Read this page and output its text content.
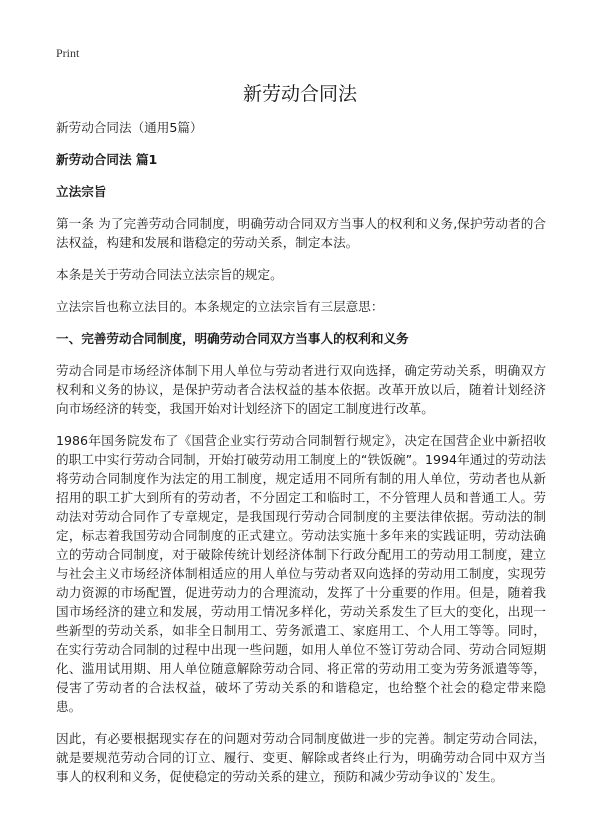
Print
新劳动合同法
新劳动合同法（通用5篇）
新劳动合同法 篇1
立法宗旨

第一条 为了完善劳动合同制度，明确劳动合同双方当事人的权利和义务,保护劳动者的合法权益，构建和发展和谐稳定的劳动关系，制定本法。

本条是关于劳动合同法立法宗旨的规定。

立法宗旨也称立法目的。本条规定的立法宗旨有三层意思：

一、完善劳动合同制度，明确劳动合同双方当事人的权利和义务

劳动合同是市场经济体制下用人单位与劳动者进行双向选择，确定劳动关系，明确双方权利和义务的协议，是保护劳动者合法权益的基本依据。改革开放以后，随着计划经济向市场经济的转变，我国开始对计划经济下的固定工制度进行改革。

1986年国务院发布了《国营企业实行劳动合同制暂行规定》，决定在国营企业中新招收的职工中实行劳动合同制，开始打破劳动用工制度上的“铁饭碗”。1994年通过的劳动法将劳动合同制度作为法定的用工制度，规定适用不同所有制的用人单位，劳动者也从新招用的职工扩大到所有的劳动者，不分固定工和临时工，不分管理人员和普通工人。劳动法对劳动合同作了专章规定，是我国现行劳动合同制度的主要法律依据。劳动法的制定，标志着我国劳动合同制度的正式建立。劳动法实施十多年来的实践证明，劳动法确立的劳动合同制度，对于破除传统计划经济体制下行政分配用工的劳动用工制度，建立与社会主义市场经济体制相适应的用人单位与劳动者双向选择的劳动用工制度，实现劳动力资源的市场配置，促进劳动力的合理流动，发挥了十分重要的作用。但是，随着我国市场经济的建立和发展，劳动用工情况多样化，劳动关系发生了巨大的变化，出现一些新型的劳动关系，如非全日制用工、劳务派遣工、家庭用工、个人用工等等。同时，在实行劳动合同制的过程中出现一些问题，如用人单位不签订劳动合同、劳动合同短期化、滥用试用期、用人单位随意解除劳动合同、将正常的劳动用工变为劳务派遣等等，侵害了劳动者的合法权益，破坏了劳动关系的和谐稳定，也给整个社会的稳定带来隐患。

因此，有必要根据现实存在的问题对劳动合同制度做进一步的完善。制定劳动合同法，就是要规范劳动合同的订立、履行、变更、解除或者终止行为，明确劳动合同中双方当事人的权利和义务，促使稳定的劳动关系的建立，预防和减少劳动争议的`发生。
